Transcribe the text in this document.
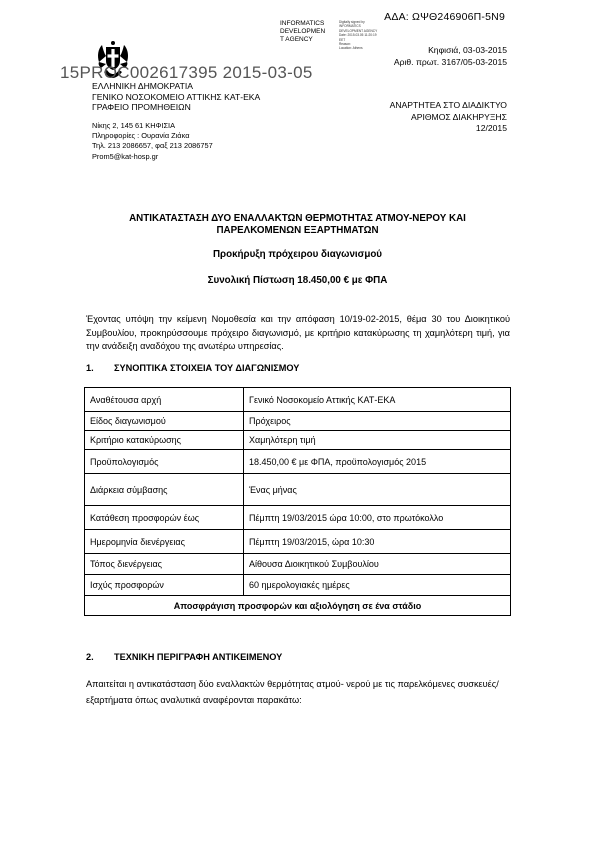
ΑΔΑ: ΩΨΘ246906Π-5Ν9
INFORMATICS
DEVELOPMEN
T AGENCY
Digitally signed by
INFORMATICS
DEVELOPMENT AGENCY
Date: 2015.03.05 11:20:19
EET
Reason:
Location: Athens
15PROC002617395 2015-03-05
ΕΛΛΗΝΙΚΗ ΔΗΜΟΚΡΑΤΙΑ
ΓΕΝΙΚΟ ΝΟΣΟΚΟΜΕΙΟ ΑΤΤΙΚΗΣ ΚΑΤ-ΕΚΑ
ΓΡΑΦΕΙΟ ΠΡΟΜΗΘΕΙΩΝ
Νίκης 2, 145 61 ΚΗΦΙΣΙΑ
Πληροφορίες : Ουρανία Ζιάκα
Τηλ. 213 2086657, φαξ 213 2086757
Prom5@kat-hosp.gr
Κηφισιά, 03-03-2015
Αριθ. πρωτ. 3167/05-03-2015
ΑΝΑΡΤΗΤΕΑ ΣΤΟ ΔΙΑΔΙΚΤΥΟ
ΑΡΙΘΜΟΣ ΔΙΑΚΗΡΥΞΗΣ
12/2015
ΑΝΤΙΚΑΤΑΣΤΑΣΗ ΔΥΟ ΕΝΑΛΛΑΚΤΩΝ ΘΕΡΜΟΤΗΤΑΣ ΑΤΜΟΥ-ΝΕΡΟΥ ΚΑΙ
ΠΑΡΕΛΚΟΜΕΝΩΝ ΕΞΑΡΤΗΜΑΤΩΝ
Προκήρυξη πρόχειρου διαγωνισμού
Συνολική Πίστωση 18.450,00 € με ΦΠΑ
Έχοντας υπόψη την κείμενη Νομοθεσία και την απόφαση 10/19-02-2015, θέμα 30 του Διοικητικού Συμβουλίου, προκηρύσσουμε πρόχειρο διαγωνισμό, με κριτήριο κατακύρωσης τη χαμηλότερη τιμή, για την ανάδειξη αναδόχου της ανωτέρω υπηρεσίας.
1. ΣΥΝΟΠΤΙΚΑ ΣΤΟΙΧΕΙΑ ΤΟΥ ΔΙΑΓΩΝΙΣΜΟΥ
Αναθέτουσα αρχή	Γενικό Νοσοκομείο Αττικής ΚΑΤ-ΕΚΑ
Είδος διαγωνισμού	Πρόχειρος
Κριτήριο κατακύρωσης	Χαμηλότερη τιμή
Προϋπολογισμός	18.450,00 € με ΦΠΑ, προϋπολογισμός 2015
Διάρκεια σύμβασης	Ένας μήνας
Κατάθεση προσφορών έως	Πέμπτη 19/03/2015 ώρα 10:00, στο πρωτόκολλο
Ημερομηνία διενέργειας	Πέμπτη 19/03/2015, ώρα 10:30
Τόπος διενέργειας	Αίθουσα Διοικητικού Συμβουλίου
Ισχύς προσφορών	60 ημερολογιακές ημέρες
Αποσφράγιση προσφορών και αξιολόγηση σε ένα στάδιο	
2. ΤΕΧΝΙΚΗ ΠΕΡΙΓΡΑΦΗ ΑΝΤΙΚΕΙΜΕΝΟΥ
Απαιτείται η αντικατάσταση δύο εναλλακτών θερμότητας ατμού- νερού με τις παρελκόμενες συσκευές/ εξαρτήματα όπως αναλυτικά αναφέρονται παρακάτω:
